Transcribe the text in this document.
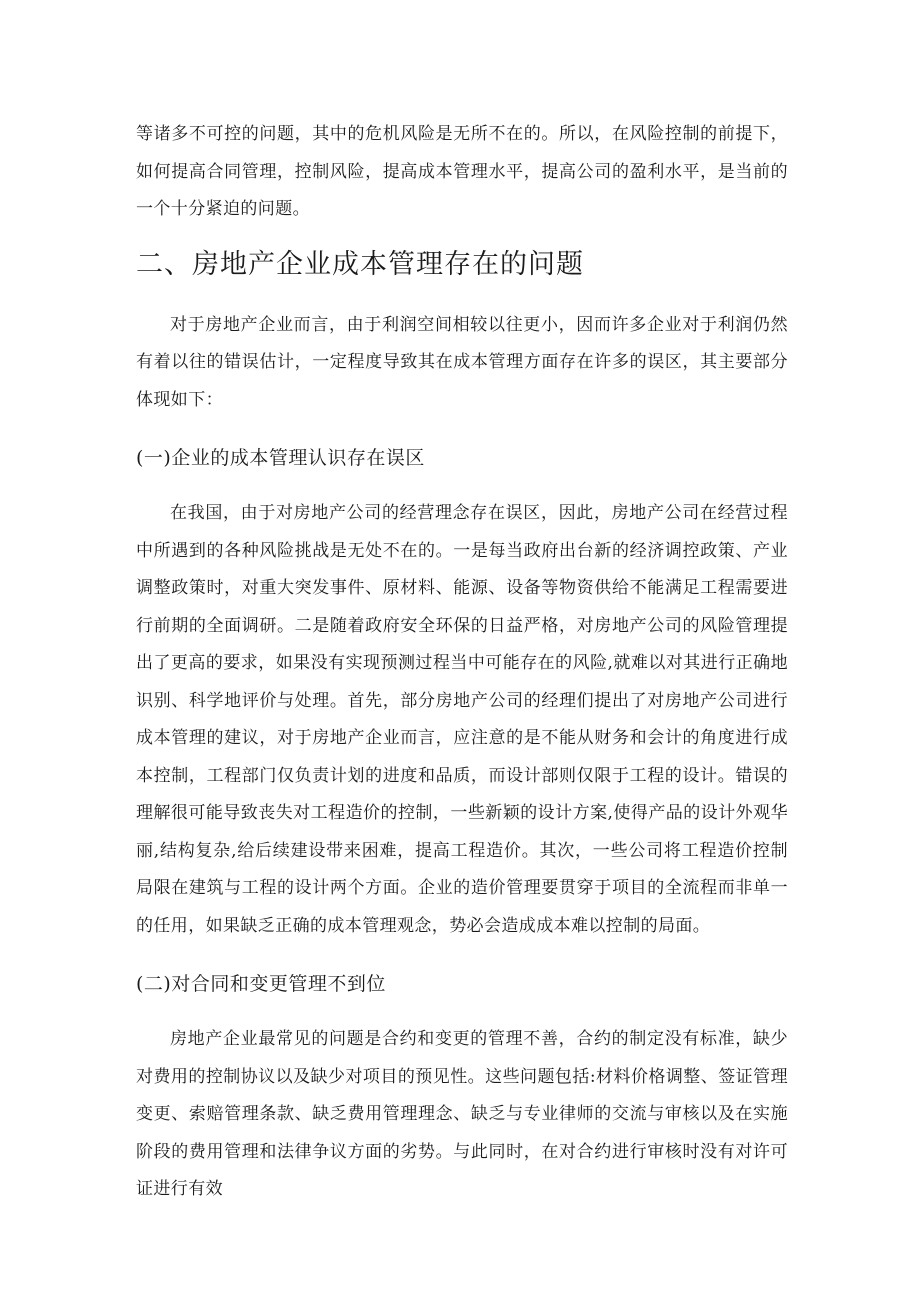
等诸多不可控的问题，其中的危机风险是无所不在的。所以，在风险控制的前提下，如何提高合同管理，控制风险，提高成本管理水平，提高公司的盈利水平，是当前的一个十分紧迫的问题。

二、房地产企业成本管理存在的问题

对于房地产企业而言，由于利润空间相较以往更小，因而许多企业对于利润仍然有着以往的错误估计，一定程度导致其在成本管理方面存在许多的误区，其主要部分体现如下：

(一)企业的成本管理认识存在误区

在我国，由于对房地产公司的经营理念存在误区，因此，房地产公司在经营过程中所遇到的各种风险挑战是无处不在的。一是每当政府出台新的经济调控政策、产业调整政策时，对重大突发事件、原材料、能源、设备等物资供给不能满足工程需要进行前期的全面调研。二是随着政府安全环保的日益严格，对房地产公司的风险管理提出了更高的要求，如果没有实现预测过程当中可能存在的风险,就难以对其进行正确地识别、科学地评价与处理。首先，部分房地产公司的经理们提出了对房地产公司进行成本管理的建议，对于房地产企业而言，应注意的是不能从财务和会计的角度进行成本控制，工程部门仅负责计划的进度和品质，而设计部则仅限于工程的设计。错误的理解很可能导致丧失对工程造价的控制，一些新颖的设计方案,使得产品的设计外观华丽,结构复杂,给后续建设带来困难，提高工程造价。其次，一些公司将工程造价控制局限在建筑与工程的设计两个方面。企业的造价管理要贯穿于项目的全流程而非单一的任用，如果缺乏正确的成本管理观念，势必会造成成本难以控制的局面。

(二)对合同和变更管理不到位

房地产企业最常见的问题是合约和变更的管理不善，合约的制定没有标准，缺少对费用的控制协议以及缺少对项目的预见性。这些问题包括:材料价格调整、签证管理变更、索赔管理条款、缺乏费用管理理念、缺乏与专业律师的交流与审核以及在实施阶段的费用管理和法律争议方面的劣势。与此同时，在对合约进行审核时没有对许可证进行有效
